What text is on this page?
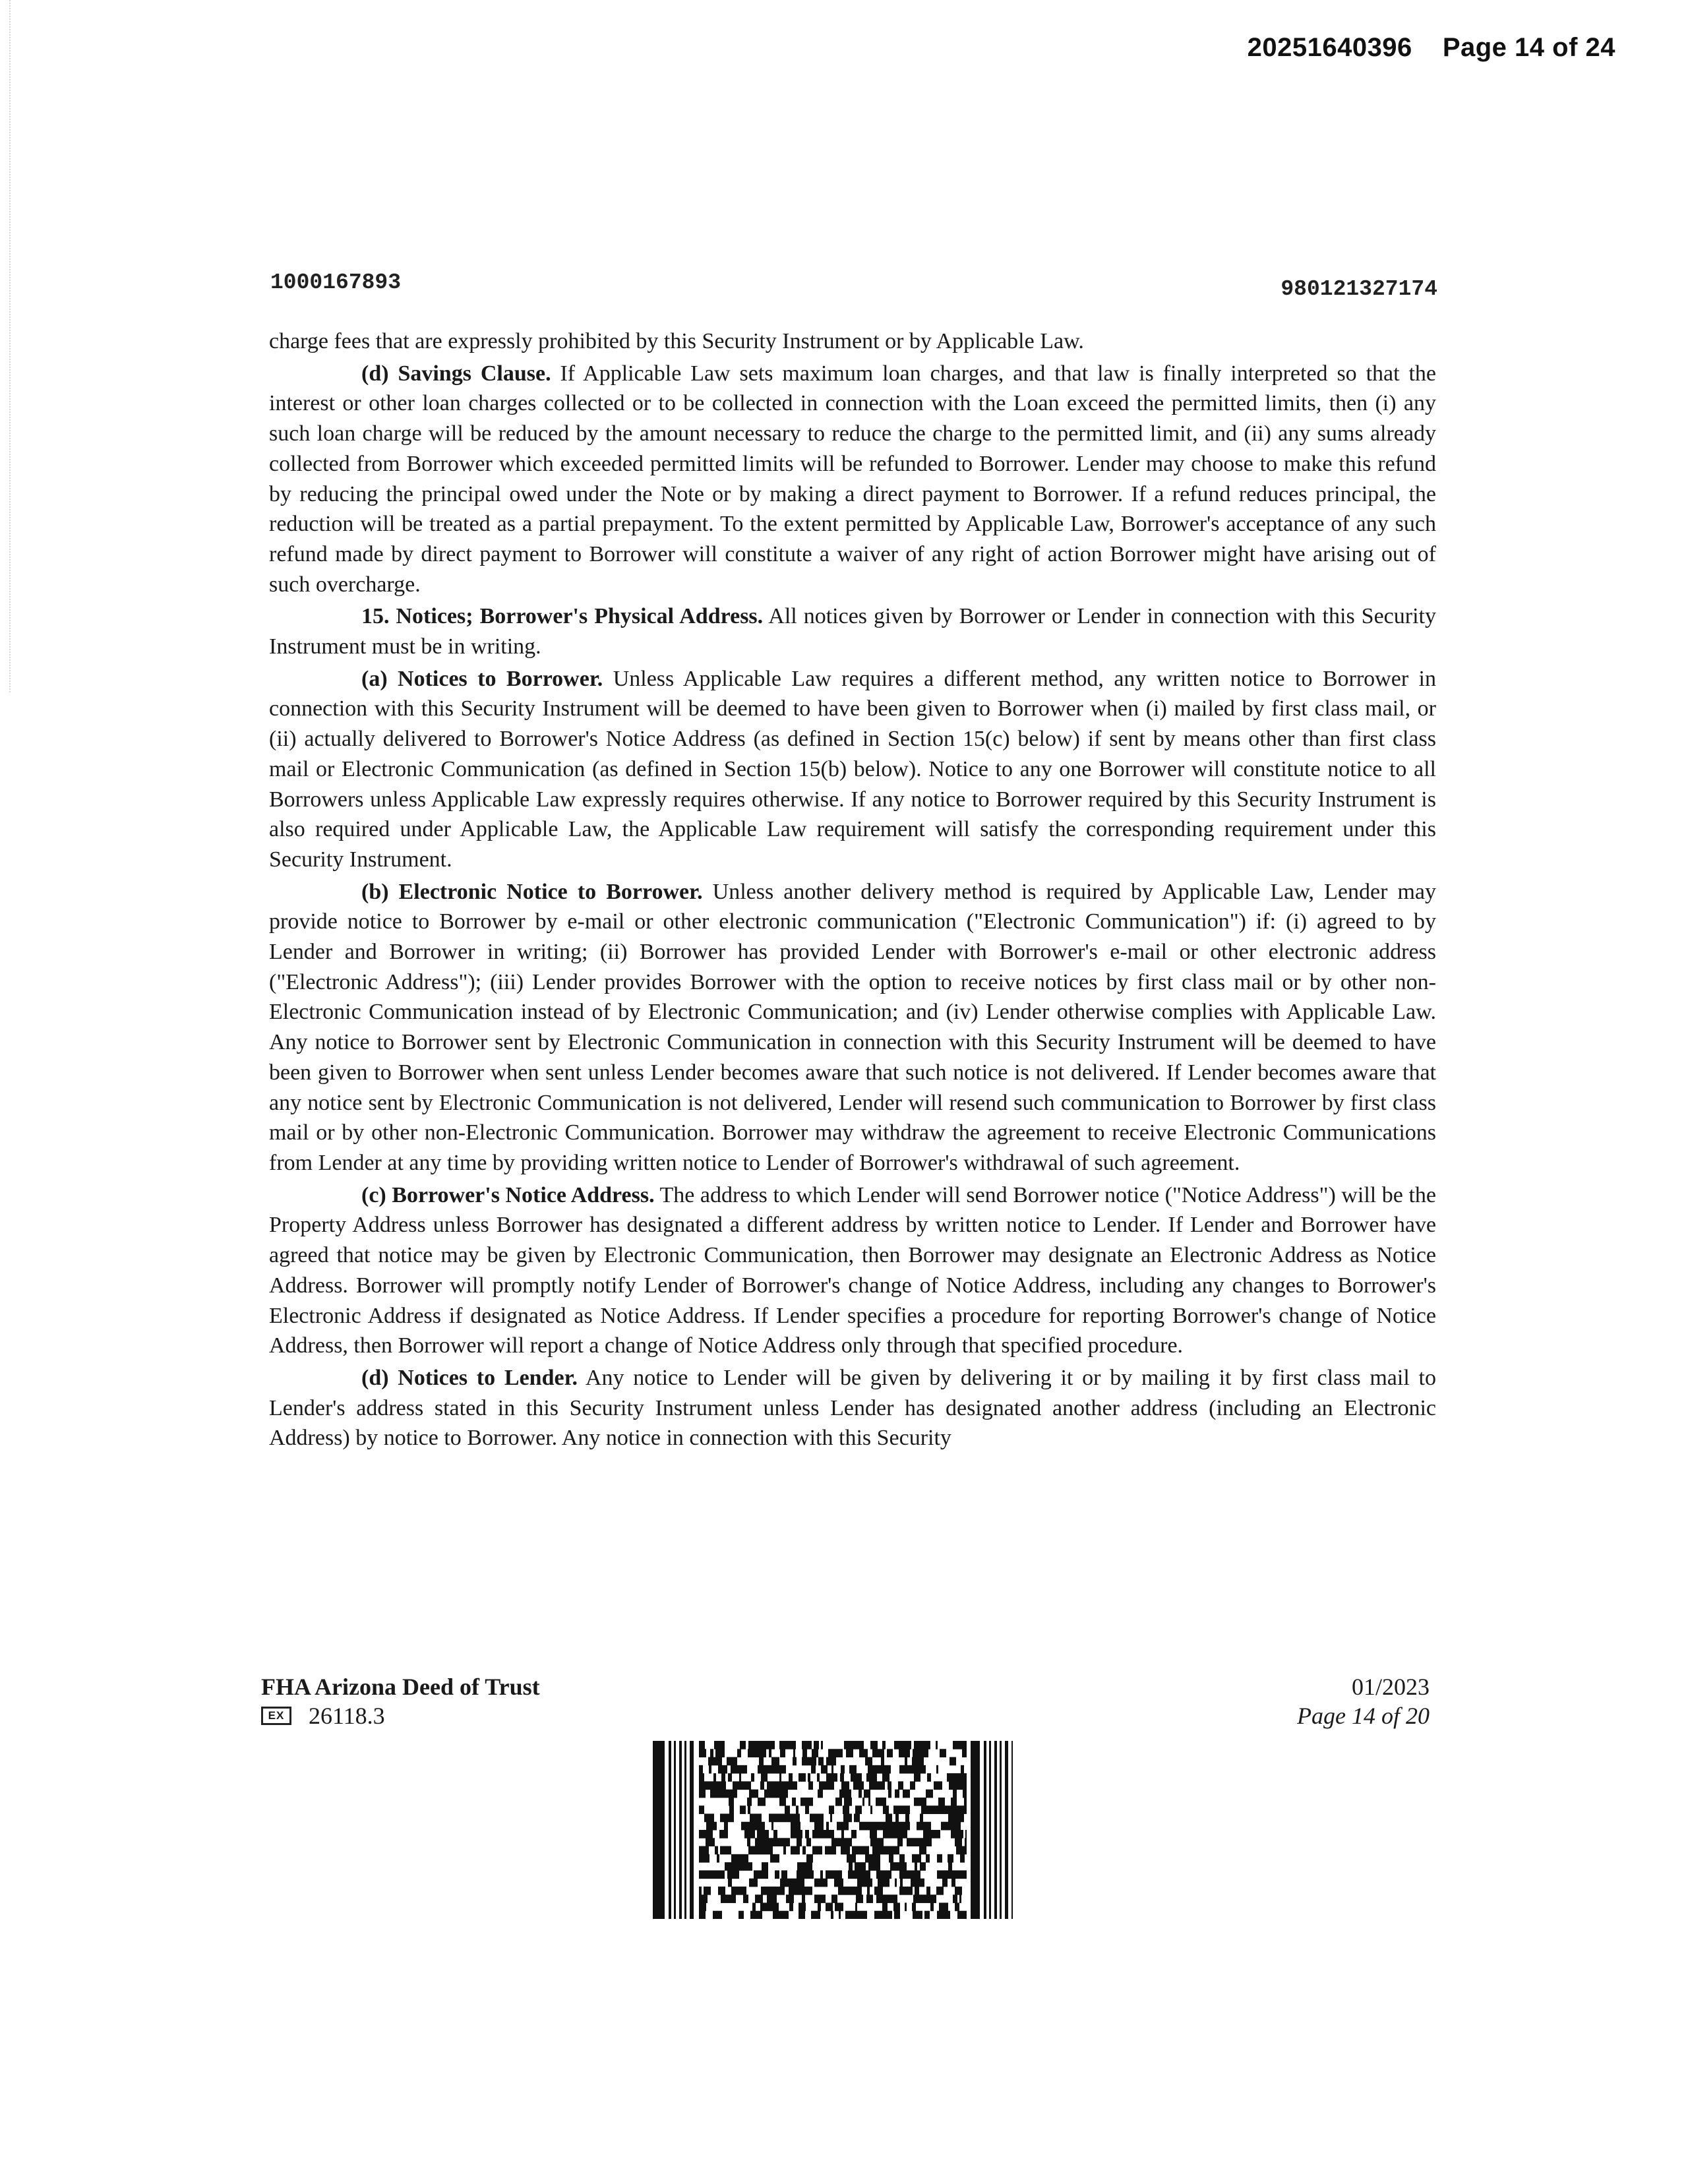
20251640396 Page 14 of 24
1000167893	980121327174

charge fees that are expressly prohibited by this Security Instrument or by Applicable Law.

(d) Savings Clause. If Applicable Law sets maximum loan charges, and that law is finally interpreted so that the interest or other loan charges collected or to be collected in connection with the Loan exceed the permitted limits, then (i) any such loan charge will be reduced by the amount necessary to reduce the charge to the permitted limit, and (ii) any sums already collected from Borrower which exceeded permitted limits will be refunded to Borrower. Lender may choose to make this refund by reducing the principal owed under the Note or by making a direct payment to Borrower. If a refund reduces principal, the reduction will be treated as a partial prepayment. To the extent permitted by Applicable Law, Borrower's acceptance of any such refund made by direct payment to Borrower will constitute a waiver of any right of action Borrower might have arising out of such overcharge.

15. Notices; Borrower's Physical Address. All notices given by Borrower or Lender in connection with this Security Instrument must be in writing.

(a) Notices to Borrower. Unless Applicable Law requires a different method, any written notice to Borrower in connection with this Security Instrument will be deemed to have been given to Borrower when (i) mailed by first class mail, or (ii) actually delivered to Borrower's Notice Address (as defined in Section 15(c) below) if sent by means other than first class mail or Electronic Communication (as defined in Section 15(b) below). Notice to any one Borrower will constitute notice to all Borrowers unless Applicable Law expressly requires otherwise. If any notice to Borrower required by this Security Instrument is also required under Applicable Law, the Applicable Law requirement will satisfy the corresponding requirement under this Security Instrument.

(b) Electronic Notice to Borrower. Unless another delivery method is required by Applicable Law, Lender may provide notice to Borrower by e-mail or other electronic communication ("Electronic Communication") if: (i) agreed to by Lender and Borrower in writing; (ii) Borrower has provided Lender with Borrower's e-mail or other electronic address ("Electronic Address"); (iii) Lender provides Borrower with the option to receive notices by first class mail or by other non-Electronic Communication instead of by Electronic Communication; and (iv) Lender otherwise complies with Applicable Law. Any notice to Borrower sent by Electronic Communication in connection with this Security Instrument will be deemed to have been given to Borrower when sent unless Lender becomes aware that such notice is not delivered. If Lender becomes aware that any notice sent by Electronic Communication is not delivered, Lender will resend such communication to Borrower by first class mail or by other non-Electronic Communication. Borrower may withdraw the agreement to receive Electronic Communications from Lender at any time by providing written notice to Lender of Borrower's withdrawal of such agreement.

(c) Borrower's Notice Address. The address to which Lender will send Borrower notice ("Notice Address") will be the Property Address unless Borrower has designated a different address by written notice to Lender. If Lender and Borrower have agreed that notice may be given by Electronic Communication, then Borrower may designate an Electronic Address as Notice Address. Borrower will promptly notify Lender of Borrower's change of Notice Address, including any changes to Borrower's Electronic Address if designated as Notice Address. If Lender specifies a procedure for reporting Borrower's change of Notice Address, then Borrower will report a change of Notice Address only through that specified procedure.

(d) Notices to Lender. Any notice to Lender will be given by delivering it or by mailing it by first class mail to Lender's address stated in this Security Instrument unless Lender has designated another address (including an Electronic Address) by notice to Borrower. Any notice in connection with this Security

FHA Arizona Deed of Trust
EX 26118.3
01/2023
Page 14 of 20
